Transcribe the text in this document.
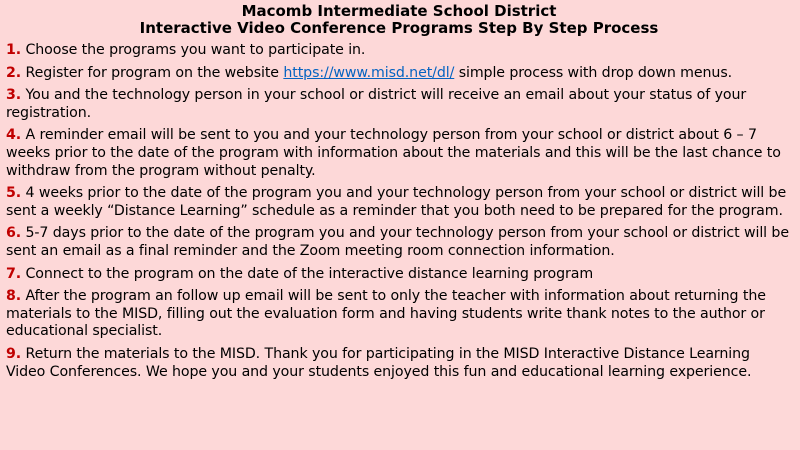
Macomb Intermediate School District
Interactive Video Conference Programs Step By Step Process
1. Choose the programs you want to participate in.
2. Register for program on the website https://www.misd.net/dl/ simple process with drop down menus.
3. You and the technology person in your school or district will receive an email about your status of your registration.
4. A reminder email will be sent to you and your technology person from your school or district about 6 – 7 weeks prior to the date of the program with information about the materials and this will be the last chance to withdraw from the program without penalty.
5. 4 weeks prior to the date of the program you and your technology person from your school or district will be sent a weekly “Distance Learning” schedule as a reminder that you both need to be prepared for the program.
6. 5-7 days prior to the date of the program you and your technology person from your school or district will be sent an email as a final reminder and the Zoom meeting room connection information.
7. Connect to the program on the date of the interactive distance learning program
8. After the program an follow up email will be sent to only the teacher with information about returning the materials to the MISD, filling out the evaluation form and having students write thank notes to the author or educational specialist.
9. Return the materials to the MISD. Thank you for participating in the MISD Interactive Distance Learning Video Conferences. We hope you and your students enjoyed this fun and educational learning experience.
